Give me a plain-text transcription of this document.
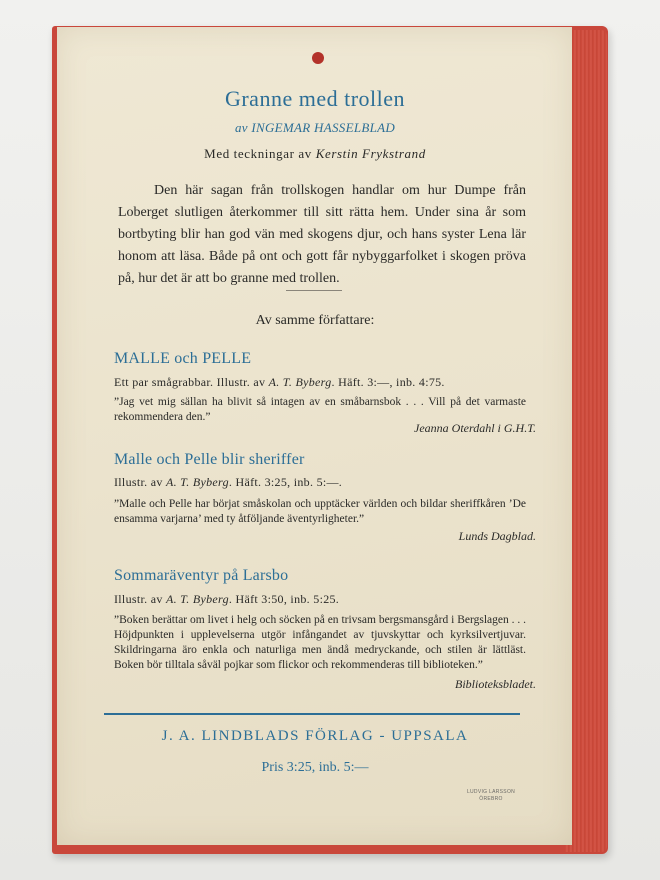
Granne med trollen
av INGEMAR HASSELBLAD
Med teckningar av Kerstin Frykstrand
Den här sagan från trollskogen handlar om hur Dumpe från Loberget slutligen återkommer till sitt rätta hem. Under sina år som bortbyting blir han god vän med skogens djur, och hans syster Lena lär honom att läsa. Både på ont och gott får nybyggarfolket i skogen pröva på, hur det är att bo granne med trollen.
Av samme författare:
MALLE och PELLE
Ett par smågrabbar. Illustr. av A. T. Byberg. Häft. 3:—, inb. 4:75.
”Jag vet mig sällan ha blivit så intagen av en småbarnsbok . . . Vill på det varmaste rekommendera den.”
Jeanna Oterdahl i G.H.T.
Malle och Pelle blir sheriffer
Illustr. av A. T. Byberg. Häft. 3:25, inb. 5:—.
”Malle och Pelle har börjat småskolan och upptäcker världen och bildar sheriffkåren ’De ensamma varjarna’ med ty åtföljande äventyrligheter.”
Lunds Dagblad.
Sommaräventyr på Larsbo
Illustr. av A. T. Byberg. Häft 3:50, inb. 5:25.
”Boken berättar om livet i helg och söcken på en trivsam bergsmansgård i Bergslagen . . . Höjdpunkten i upplevelserna utgör infångandet av tjuvskyttar och kyrksilvertjuvar. Skildringarna äro enkla och naturliga men ändå medryckande, och stilen är lättläst. Boken bör tilltala såväl pojkar som flickor och rekommenderas till biblioteken.”
Biblioteksbladet.
J. A. LINDBLADS FÖRLAG - UPPSALA
Pris 3:25, inb. 5:—
LUDVIG LARSSON
ÖREBRO
